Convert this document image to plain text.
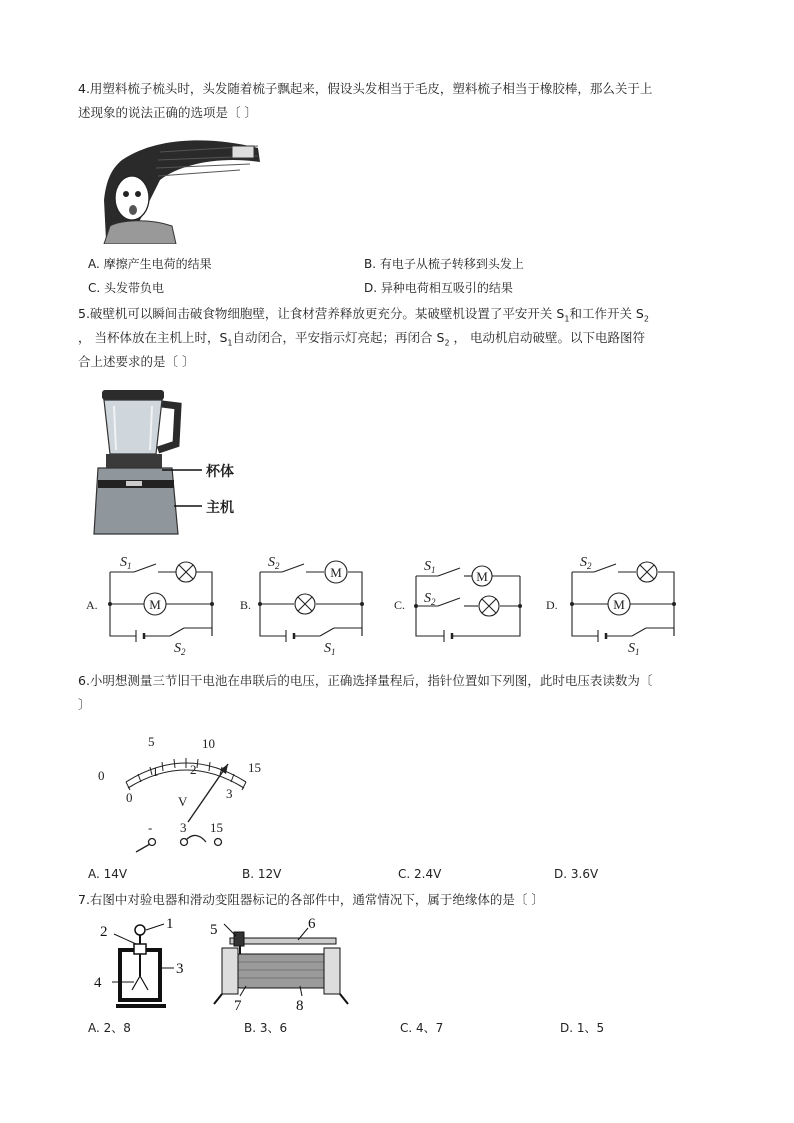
4.用塑料梳子梳头时，头发随着梳子飘起来，假设头发相当于毛皮，塑料梳子相当于橡胶棒，那么关于上
述现象的说法正确的选项是〔 〕
A. 摩擦产生电荷的结果	B. 有电子从梳子转移到头发上
C. 头发带负电	D. 异种电荷相互吸引的结果
5.破壁机可以瞬间击破食物细胞壁，让食材营养释放更充分。某破壁机设置了平安开关 $S_1$和工作开关 $S_2$
， 当杯体放在主机上时，$S_1$自动闭合，平安指示灯亮起；再闭合 $S_2$ ， 电动机启动破壁。以下电路图符
合上述要求的是〔 〕
杯体
主机
M
M	M
M
$S_1$
$S_2$
$S_2$
$S_1$
$S_1$
$S_2$
$S_2$
$S_1$
A.	B.	C.	D.
6.小明想测量三节旧干电池在串联后的电压，正确选择量程后，指针位置如下列图，此时电压表读数为〔
〕
0
5	10
15
0
1 2
3
V
- 3 15
A. 14V	B. 12V	C. 2.4V	D. 3.6V
7.右图中对验电器和滑动变阻器标记的各部件中，通常情况下，属于绝缘体的是〔 〕
1
2
3
4
5	6
7	8
A. 2、8	B. 3、6	C. 4、7	D. 1、5
